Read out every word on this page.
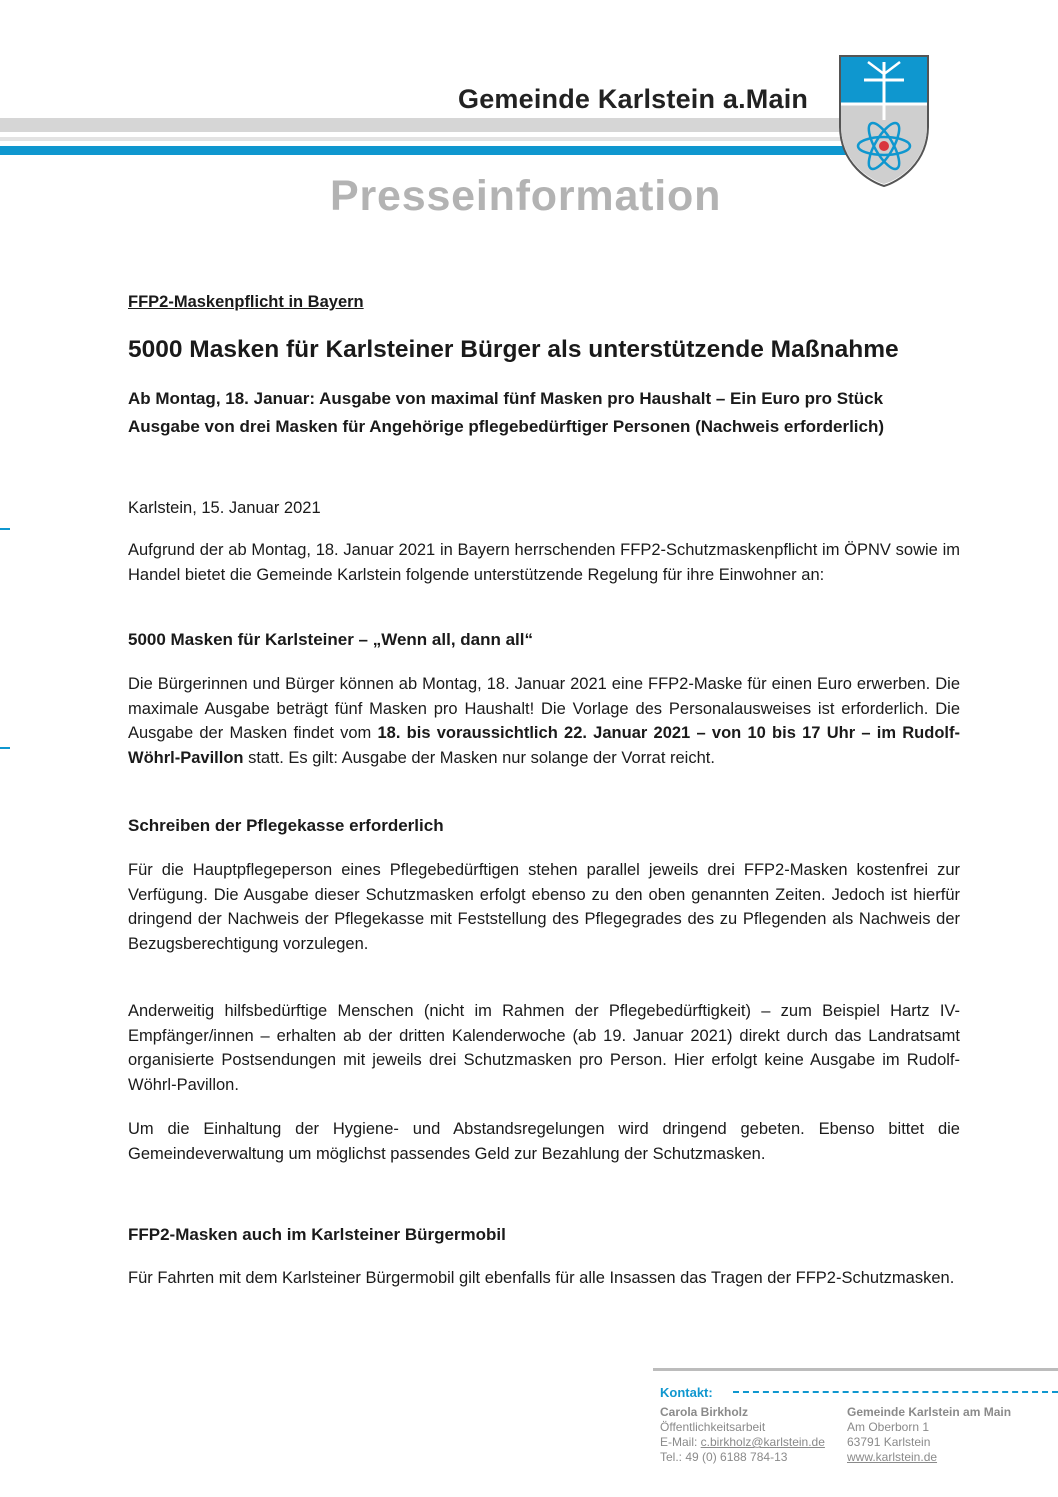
Gemeinde Karlstein a.Main
Presseinformation
FFP2-Maskenpflicht in Bayern
5000 Masken für Karlsteiner Bürger als unterstützende Maßnahme
Ab Montag, 18. Januar: Ausgabe von maximal fünf Masken pro Haushalt – Ein Euro pro Stück
Ausgabe von drei Masken für Angehörige pflegebedürftiger Personen (Nachweis erforderlich)
Karlstein, 15. Januar 2021

Aufgrund der ab Montag, 18. Januar 2021 in Bayern herrschenden FFP2-Schutzmaskenpflicht im ÖPNV sowie im Handel bietet die Gemeinde Karlstein folgende unterstützende Regelung für ihre Einwohner an:

5000 Masken für Karlsteiner – „Wenn all, dann all“

Die Bürgerinnen und Bürger können ab Montag, 18. Januar 2021 eine FFP2-Maske für einen Euro erwerben. Die maximale Ausgabe beträgt fünf Masken pro Haushalt! Die Vorlage des Personalausweises ist erforderlich. Die Ausgabe der Masken findet vom 18. bis voraussichtlich 22. Januar 2021 – von 10 bis 17 Uhr – im Rudolf-Wöhrl-Pavillon statt. Es gilt: Ausgabe der Masken nur solange der Vorrat reicht.

Schreiben der Pflegekasse erforderlich

Für die Hauptpflegeperson eines Pflegebedürftigen stehen parallel jeweils drei FFP2-Masken kostenfrei zur Verfügung. Die Ausgabe dieser Schutzmasken erfolgt ebenso zu den oben genannten Zeiten. Jedoch ist hierfür dringend der Nachweis der Pflegekasse mit Feststellung des Pflegegrades des zu Pflegenden als Nachweis der Bezugsberechtigung vorzulegen.

Anderweitig hilfsbedürftige Menschen (nicht im Rahmen der Pflegebedürftigkeit) – zum Beispiel Hartz IV-Empfänger/innen – erhalten ab der dritten Kalenderwoche (ab 19. Januar 2021) direkt durch das Landratsamt organisierte Postsendungen mit jeweils drei Schutzmasken pro Person. Hier erfolgt keine Ausgabe im Rudolf-Wöhrl-Pavillon.

Um die Einhaltung der Hygiene- und Abstandsregelungen wird dringend gebeten. Ebenso bittet die Gemeindeverwaltung um möglichst passendes Geld zur Bezahlung der Schutzmasken.

FFP2-Masken auch im Karlsteiner Bürgermobil

Für Fahrten mit dem Karlsteiner Bürgermobil gilt ebenfalls für alle Insassen das Tragen der FFP2-Schutzmasken.

Kontakt:
Carola Birkholz
Öffentlichkeitsarbeit
E-Mail: c.birkholz@karlstein.de
Tel.: 49 (0) 6188 784-13
Gemeinde Karlstein am Main
Am Oberborn 1
63791 Karlstein
www.karlstein.de
